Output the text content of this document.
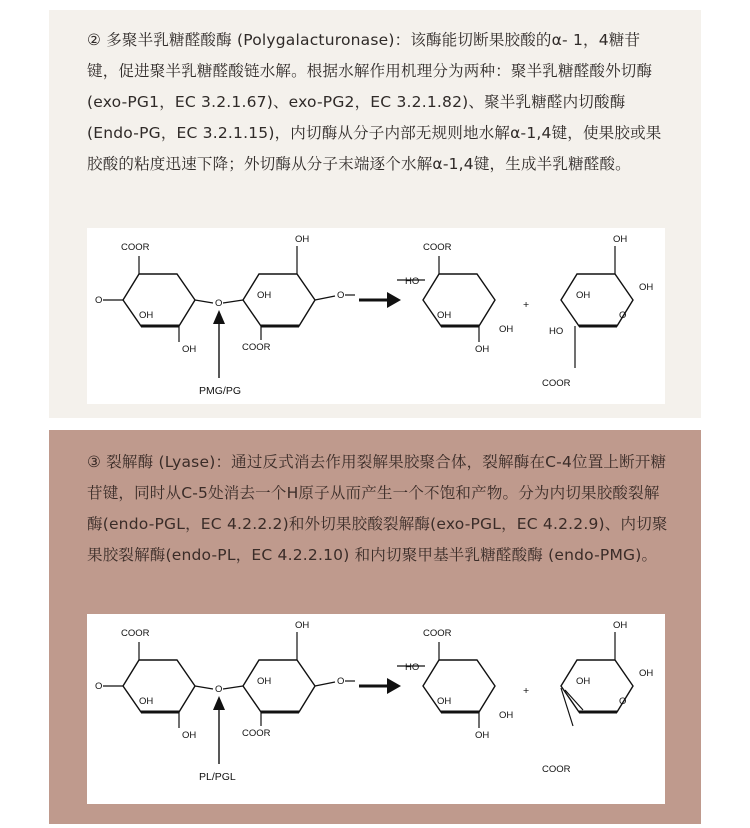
② 多聚半乳糖醛酸酶 (Polygalacturonase)：该酶能切断果胶酸的α- 1，4糖苷键，促进聚半乳糖醛酸链水解。根据水解作用机理分为两种：聚半乳糖醛酸外切酶(exo-PG1，EC 3.2.1.67)、exo-PG2，EC 3.2.1.82)、聚半乳糖醛内切酸酶(Endo-PG，EC 3.2.1.15)，内切酶从分子内部无规则地水解α-1,4键，使果胶或果胶酸的粘度迅速下降；外切酶从分子末端逐个水解α-1,4键，生成半乳糖醛酸。
COOR
O
OH
OH
O
OH
OH
COOR
O
PMG/PG
COOR
HO
OH
OH
OH
+
OH
OH
OH
COOR
HO
O
③ 裂解酶 (Lyase)：通过反式消去作用裂解果胶聚合体，裂解酶在C-4位置上断开糖苷键，同时从C-5处消去一个H原子从而产生一个不饱和产物。分为内切果胶酸裂解酶(endo-PGL，EC 4.2.2.2)和外切果胶酸裂解酶(exo-PGL，EC 4.2.2.9)、内切聚果胶裂解酶(endo-PL，EC 4.2.2.10) 和内切聚甲基半乳糖醛酸酶 (endo-PMG)。
COOR
O
OH
OH
O
OH
OH
COOR
O
PL/PGL
COOR
HO
OH
OH
OH
+
OH
OH
OH
COOR
O
